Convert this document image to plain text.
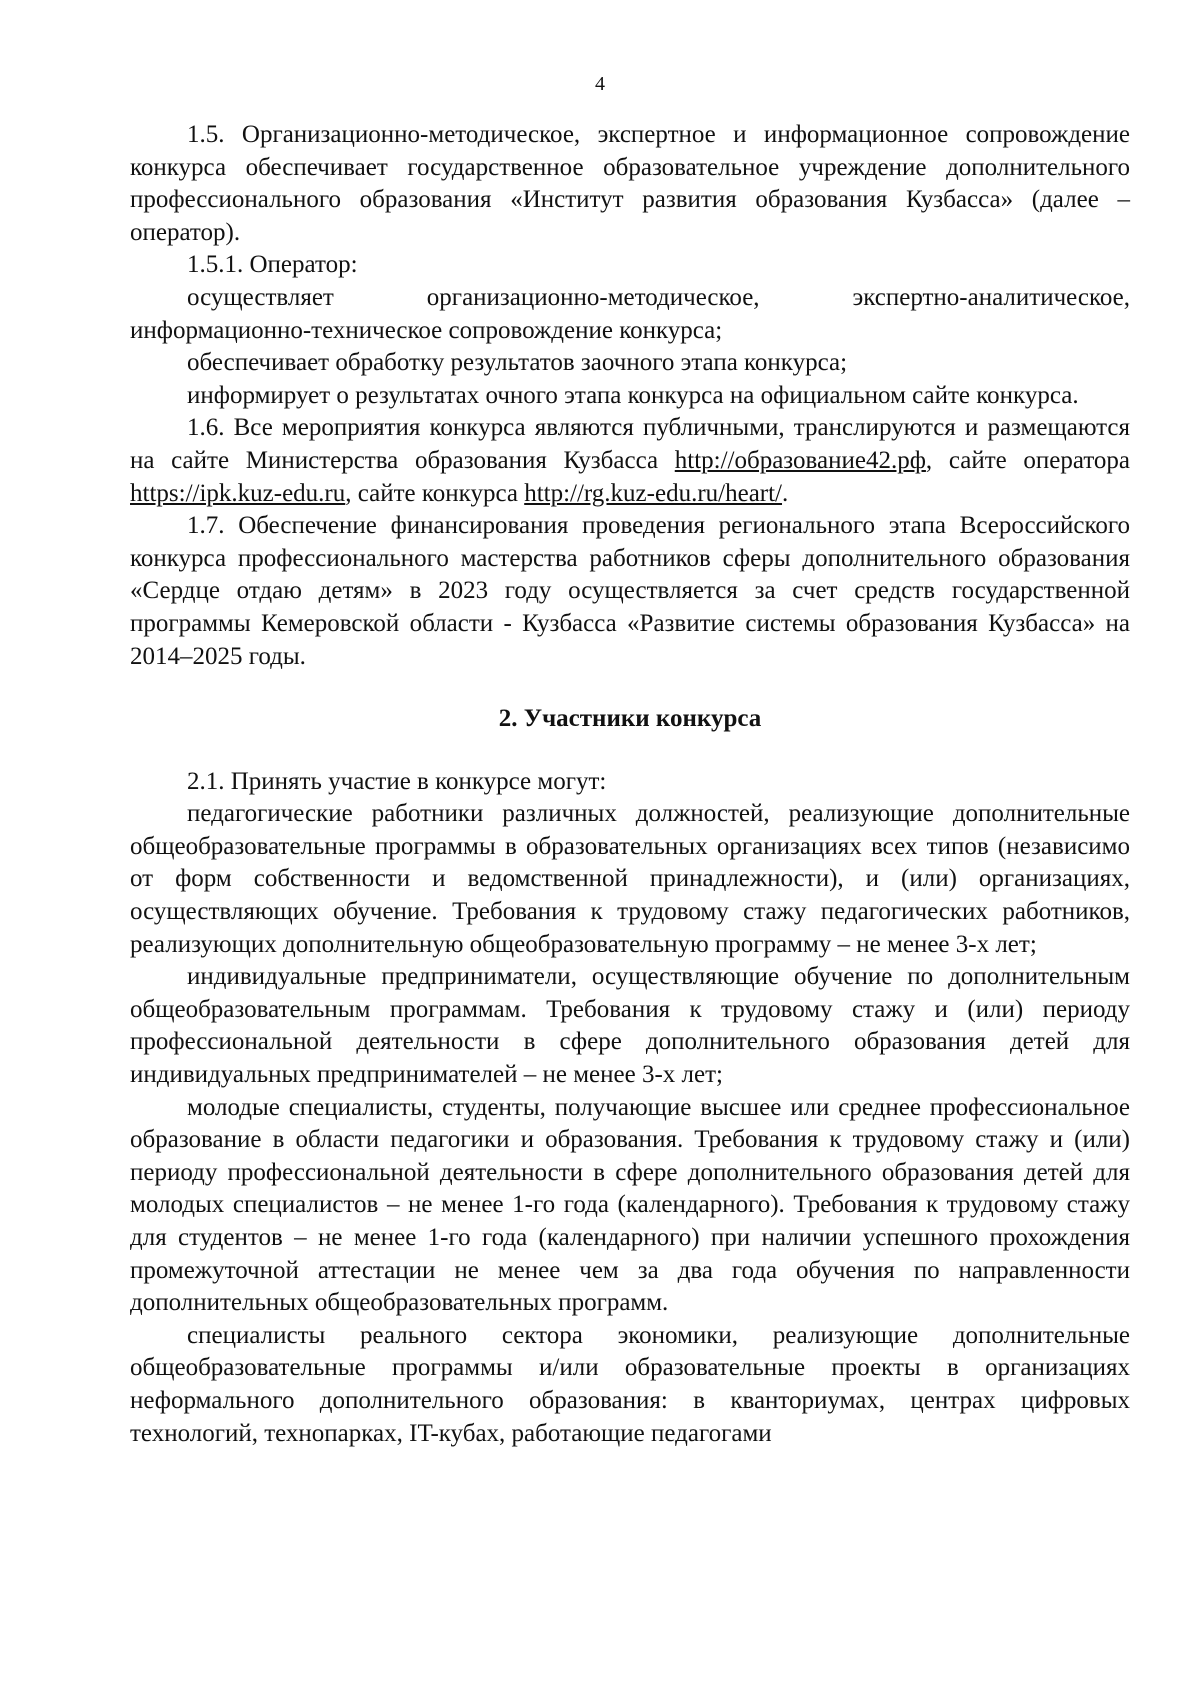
4

1.5. Организационно-методическое, экспертное и информационное сопровождение конкурса обеспечивает государственное образовательное учреждение дополнительного профессионального образования «Институт развития образования Кузбасса» (далее – оператор).

1.5.1. Оператор:

осуществляет организационно-методическое, экспертно-аналитическое, информационно-техническое сопровождение конкурса;

обеспечивает обработку результатов заочного этапа конкурса;

информирует о результатах очного этапа конкурса на официальном сайте конкурса.

1.6. Все мероприятия конкурса являются публичными, транслируются и размещаются на сайте Министерства образования Кузбасса http://образование42.рф, сайте оператора https://ipk.kuz-edu.ru, сайте конкурса http://rg.kuz-edu.ru/heart/.

1.7. Обеспечение финансирования проведения регионального этапа Всероссийского конкурса профессионального мастерства работников сферы дополнительного образования «Сердце отдаю детям» в 2023 году осуществляется за счет средств государственной программы Кемеровской области - Кузбасса «Развитие системы образования Кузбасса» на 2014–2025 годы.

2. Участники конкурса

2.1. Принять участие в конкурсе могут:

педагогические работники различных должностей, реализующие дополнительные общеобразовательные программы в образовательных организациях всех типов (независимо от форм собственности и ведомственной принадлежности), и (или) организациях, осуществляющих обучение. Требования к трудовому стажу педагогических работников, реализующих дополнительную общеобразовательную программу – не менее 3-х лет;

индивидуальные предприниматели, осуществляющие обучение по дополнительным общеобразовательным программам. Требования к трудовому стажу и (или) периоду профессиональной деятельности в сфере дополнительного образования детей для индивидуальных предпринимателей – не менее 3-х лет;

молодые специалисты, студенты, получающие высшее или среднее профессиональное образование в области педагогики и образования. Требования к трудовому стажу и (или) периоду профессиональной деятельности в сфере дополнительного образования детей для молодых специалистов – не менее 1-го года (календарного). Требования к трудовому стажу для студентов – не менее 1-го года (календарного) при наличии успешного прохождения промежуточной аттестации не менее чем за два года обучения по направленности дополнительных общеобразовательных программ.

специалисты реального сектора экономики, реализующие дополнительные общеобразовательные программы и/или образовательные проекты в организациях неформального дополнительного образования: в кванториумах, центрах цифровых технологий, технопарках, IT-кубах, работающие педагогами
